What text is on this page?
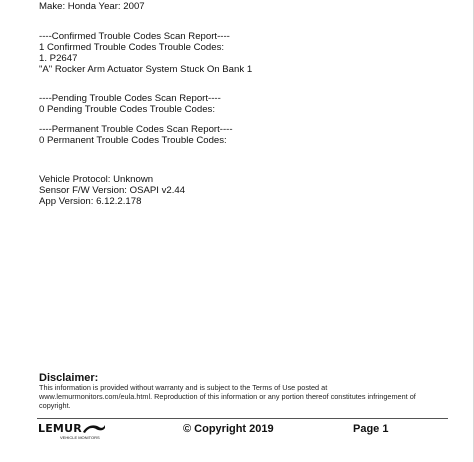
Make: Honda Year: 2007
----Confirmed Trouble Codes Scan Report----
1 Confirmed Trouble Codes Trouble Codes:
1. P2647
"A" Rocker Arm Actuator System Stuck On Bank 1
----Pending Trouble Codes Scan Report----
0 Pending Trouble Codes Trouble Codes:
----Permanent Trouble Codes Scan Report----
0 Permanent Trouble Codes Trouble Codes:
Vehicle Protocol: Unknown
Sensor F/W Version: OSAPI v2.44
App Version: 6.12.2.178
Disclaimer:
This information is provided without warranty and is subject to the Terms of Use posted at www.lemurmonitors.com/eula.html. Reproduction of this information or any portion thereof constitutes infringement of copyright.
LEMUR
VEHICLE MONITORS
© Copyright 2019	Page 1
